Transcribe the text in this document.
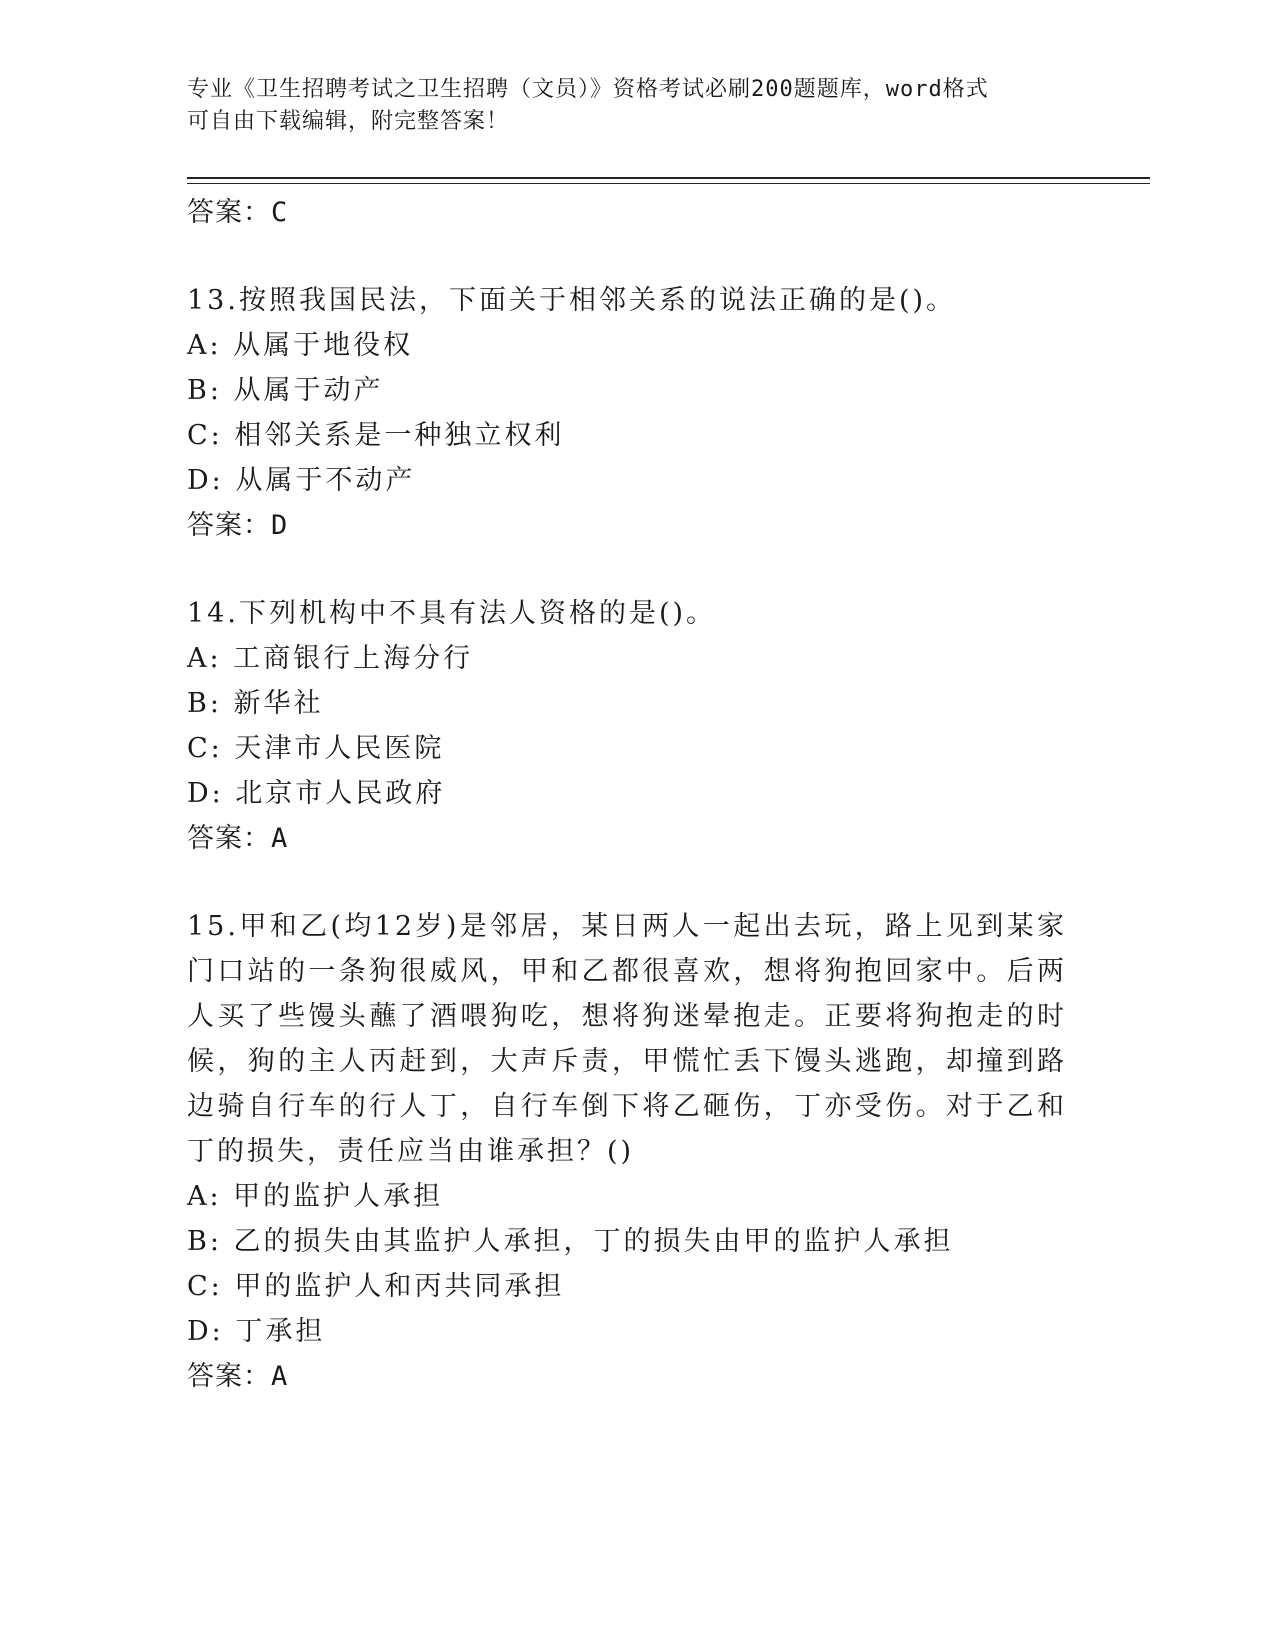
专业《卫生招聘考试之卫生招聘（文员）》资格考试必刷200题题库，word格式
可自由下载编辑，附完整答案！
答案：C
13.按照我国民法，下面关于相邻关系的说法正确的是()。
A: 从属于地役权
B: 从属于动产
C: 相邻关系是一种独立权利
D: 从属于不动产
答案：D
14.下列机构中不具有法人资格的是()。
A: 工商银行上海分行
B: 新华社
C: 天津市人民医院
D: 北京市人民政府
答案：A
15.甲和乙(均12岁)是邻居，某日两人一起出去玩，路上见到某家门口站的一条狗很威风，甲和乙都很喜欢，想将狗抱回家中。后两人买了些馒头蘸了酒喂狗吃，想将狗迷晕抱走。正要将狗抱走的时候，狗的主人丙赶到，大声斥责，甲慌忙丢下馒头逃跑，却撞到路边骑自行车的行人丁，自行车倒下将乙砸伤，丁亦受伤。对于乙和丁的损失，责任应当由谁承担？()
A: 甲的监护人承担
B: 乙的损失由其监护人承担，丁的损失由甲的监护人承担
C: 甲的监护人和丙共同承担
D: 丁承担
答案：A
